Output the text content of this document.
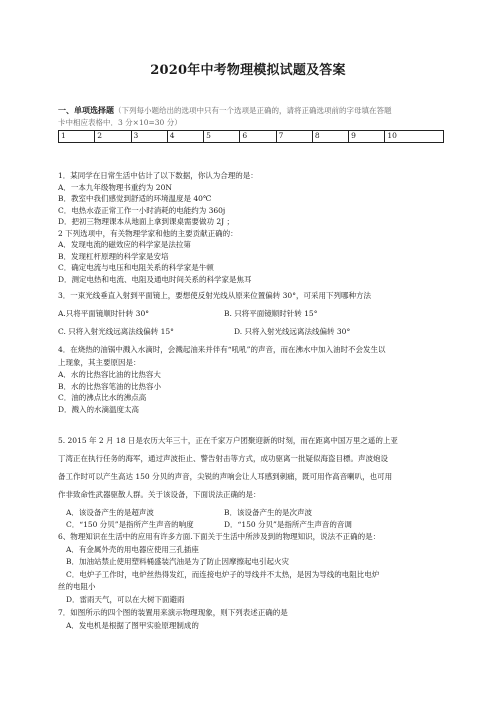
2020年中考物理模拟试题及答案
一、单项选择题（下列每小题给出的选项中只有一个选项是正确的，请将正确选项前的字母填在答题
卡中相应表格中．3 分×10=30 分）
1	2	3	4	5	6	7	8	9	10
1．某同学在日常生活中估计了以下数据，你认为合理的是：
A．一本九年级物理书重约为 20N
B．教室中我们感觉到舒适的环境温度是 40℃
C．电热水壶正常工作一小时消耗的电能约为 360j
D．把初三物理课本从地面上拿到课桌需要做功 2J ；
2 下列选项中，有关物理学家和他的主要贡献正确的：
A．发现电流的磁效应的科学家是法拉第
B．发现杠杆原理的科学家是安培
C．确定电流与电压和电阻关系的科学家是牛顿
D．测定电热和电流、电阻及通电时间关系的科学家是焦耳
3．一束光线垂直入射到平面镜上，要想使反射光线从原来位置偏转 30°，可采用下列哪种方法
A.只将平面镜顺时针转 30°	B. 只将平面镜顺时针转 15°
C. 只将入射光线远离法线偏转 15°	D. 只将入射光线远离法线偏转 30°
4．在烧热的油锅中溅入水滴时，会溅起油来并伴有“吼吼”的声音，而在沸水中加入油时不会发生以
上现象，其主要原因是：
A．水的比热容比油的比热容大
B．水的比热容笔油的比热容小
C．油的沸点比水的沸点高
D．溅入的水滴温度太高
5. 2015 年 2 月 18 日是农历大年三十，正在千家万户团聚迎新的时刻，而在距离中国万里之遥的上亚
丁湾正在执行任务的海军，通过声波拒止、警告射击等方式，成功驱离一批疑似海盗目標。声波炮设
备工作时可以产生高达 150 分贝的声音，尖锐的声响会让人耳感到刺痛，既可用作高音喇叭，也可用
作非致命性武器驱散人群。关于该设备，下面说法正确的是：
A．该设备产生的是超声波	B．该设备产生的是次声波
C．“150 分贝”是指所产生声音的响度	D．“150 分贝”是指所产生声音的音调
6、物理知识在生活中的应用有许多方面.下面关于生活中所涉及到的物理知识，说法不正确的是：
A．有金属外壳的用电器应使用三孔插座
B．加油站禁止使用塑料桶盛装汽油是为了防止因摩擦起电引起火灾
C．电炉子工作时，电炉丝热得发红，而连接电炉子的导线并不太热，是因为导线的电阻比电炉
丝的电阻小
D．雷雨天气，可以在大树下面避雨
7．如图所示的四个图的装置用来演示物理现象，则下列表述正确的是
A．发电机是根据了图甲实验原理制成的
